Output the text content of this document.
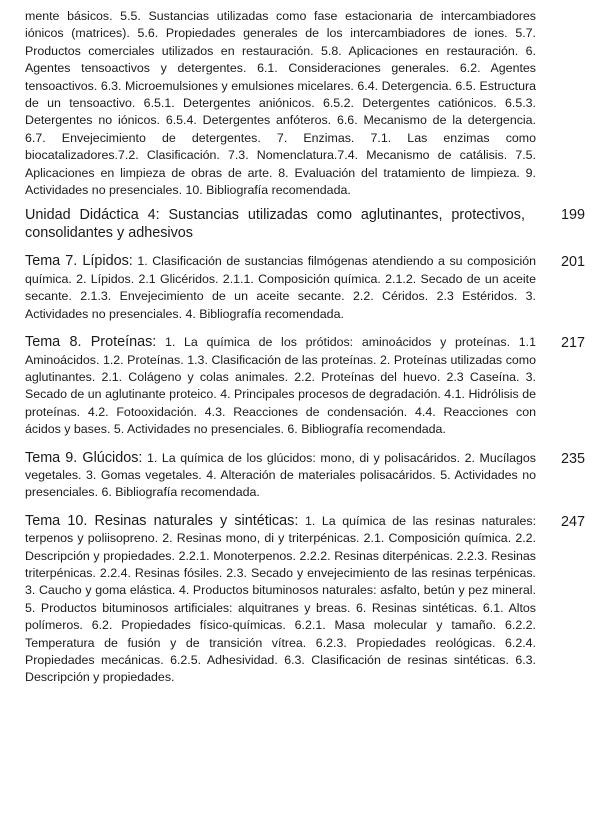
mente básicos. 5.5. Sustancias utilizadas como fase estacionaria de intercambiadores iónicos (matrices). 5.6. Propiedades generales de los intercambiadores de iones. 5.7. Productos comerciales utilizados en restauración. 5.8. Aplicaciones en restauración. 6. Agentes tensoactivos y detergentes. 6.1. Consideraciones generales. 6.2. Agentes tensoactivos. 6.3. Microemulsiones y emulsiones micelares. 6.4. Detergencia. 6.5. Estructura de un tensoactivo. 6.5.1. Detergentes aniónicos. 6.5.2. Detergentes catiónicos. 6.5.3. Detergentes no iónicos. 6.5.4. Detergentes anfóteros. 6.6. Mecanismo de la detergencia. 6.7. Envejecimiento de detergentes. 7. Enzimas. 7.1. Las enzimas como biocatalizadores.7.2. Clasificación. 7.3. Nomenclatura.7.4. Mecanismo de catálisis. 7.5. Aplicaciones en limpieza de obras de arte. 8. Evaluación del tratamiento de limpieza. 9. Actividades no presenciales. 10. Bibliografía recomendada.

Unidad Didáctica 4: Sustancias utilizadas como aglutinantes, protectivos, consolidantes y adhesivos

199

Tema 7. Lípidos: 1. Clasificación de sustancias filmógenas atendiendo a su composición química. 2. Lípidos. 2.1 Glicéridos. 2.1.1. Composición química. 2.1.2. Secado de un aceite secante. 2.1.3. Envejecimiento de un aceite secante. 2.2. Céridos. 2.3 Estéridos. 3. Actividades no presenciales. 4. Bibliografía recomendada.

201

Tema 8. Proteínas: 1. La química de los prótidos: aminoácidos y proteínas. 1.1 Aminoácidos. 1.2. Proteínas. 1.3. Clasificación de las proteínas. 2. Proteínas utilizadas como aglutinantes. 2.1. Colágeno y colas animales. 2.2. Proteínas del huevo. 2.3 Caseína. 3. Secado de un aglutinante proteico. 4. Principales procesos de degradación. 4.1. Hidrólisis de proteínas. 4.2. Fotooxidación. 4.3. Reacciones de condensación. 4.4. Reacciones con ácidos y bases. 5. Actividades no presenciales. 6. Bibliografía recomendada.

217

Tema 9. Glúcidos: 1. La química de los glúcidos: mono, di y polisacáridos. 2. Mucílagos vegetales. 3. Gomas vegetales. 4. Alteración de materiales polisacáridos. 5. Actividades no presenciales. 6. Bibliografía recomendada.

235

Tema 10. Resinas naturales y sintéticas: 1. La química de las resinas naturales: terpenos y poliisopreno. 2. Resinas mono, di y triterpénicas. 2.1. Composición química. 2.2. Descripción y propiedades. 2.2.1. Monoterpenos. 2.2.2. Resinas diterpénicas. 2.2.3. Resinas triterpénicas. 2.2.4. Resinas fósiles. 2.3. Secado y envejecimiento de las resinas terpénicas. 3. Caucho y goma elástica. 4. Productos bituminosos naturales: asfalto, betún y pez mineral. 5. Productos bituminosos artificiales: alquitranes y breas. 6. Resinas sintéticas. 6.1. Altos polímeros. 6.2. Propiedades físico-químicas. 6.2.1. Masa molecular y tamaño. 6.2.2. Temperatura de fusión y de transición vítrea. 6.2.3. Propiedades reológicas. 6.2.4. Propiedades mecánicas. 6.2.5. Adhesividad. 6.3. Clasificación de resinas sintéticas. 6.3. Descripción y propiedades.

247
